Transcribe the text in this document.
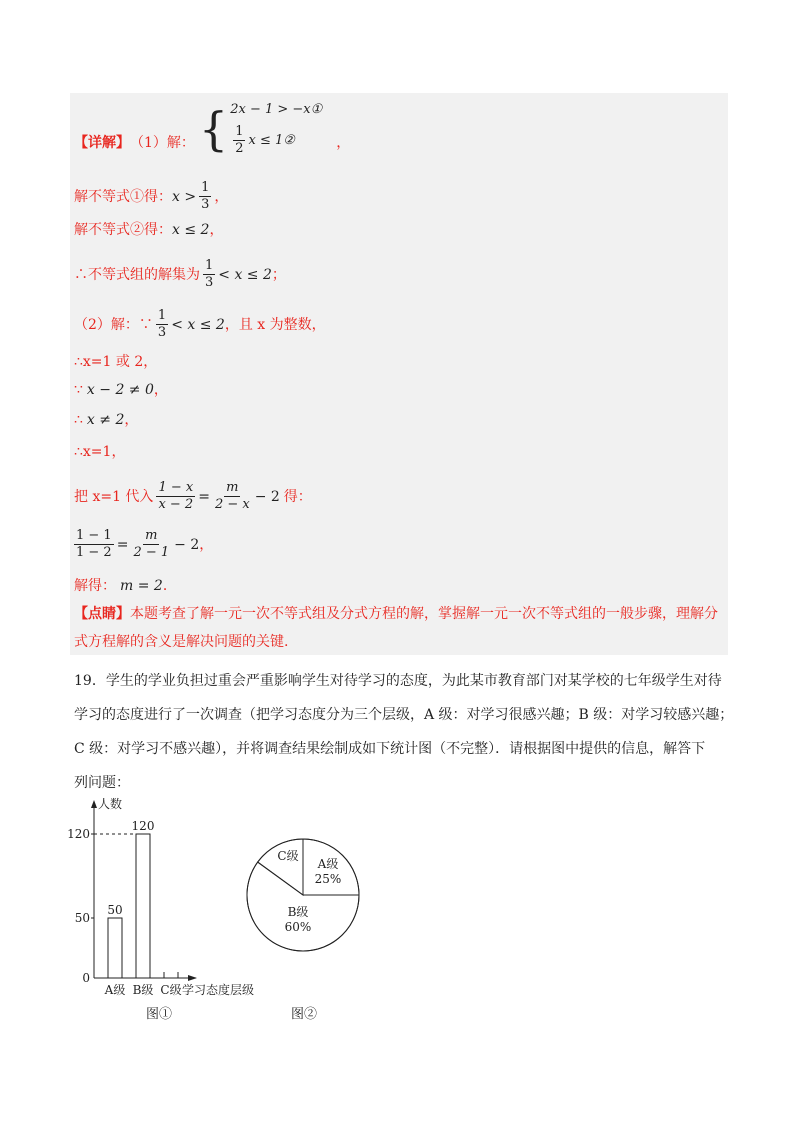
【详解】 （1）解： { 2x − 1 > −x①
$\frac{1}{2}$ x ≤ 1②	，
解不等式①得： $x > \frac{1}{3}$ ，
解不等式②得： x ≤ 2 ，
∴不等式组的解集为 $\frac{1}{3} < x \le 2$ ；
（2）解：∵ $\frac{1}{3} < x \le 2$ ，且 x 为整数，
∴x=1 或 2，
∵ x − 2 ≠ 0 ，
∴ x ≠ 2 ，
∴x=1，
把 x=1 代入 $\frac{1 - x}{x - 2} = \frac{m}{2 - x} - 2$ 得：
$\frac{1 - 1}{1 - 2} = \frac{m}{2 - 1} - 2$ ，
解得： m = 2 ．
【点睛】 本题考查了解一元一次不等式组及分式方程的解，掌握解一元一次不等式组的一般步骤，理解分
式方程解的含义是解决问题的关键.

19．学生的学业负担过重会严重影响学生对待学习的态度，为此某市教育部门对某学校的七年级学生对待

学习的态度进行了一次调查（把学习态度分为三个层级，A 级：对学习很感兴趣；B 级：对学习较感兴趣；

C 级：对学习不感兴趣），并将调查结果绘制成如下统计图（不完整）．请根据图中提供的信息，解答下

列问题：

人数
学习态度层级
0
50
120
50
A级
120
B级 C级
图①
A级
25%
B级
60%
C级
图②
